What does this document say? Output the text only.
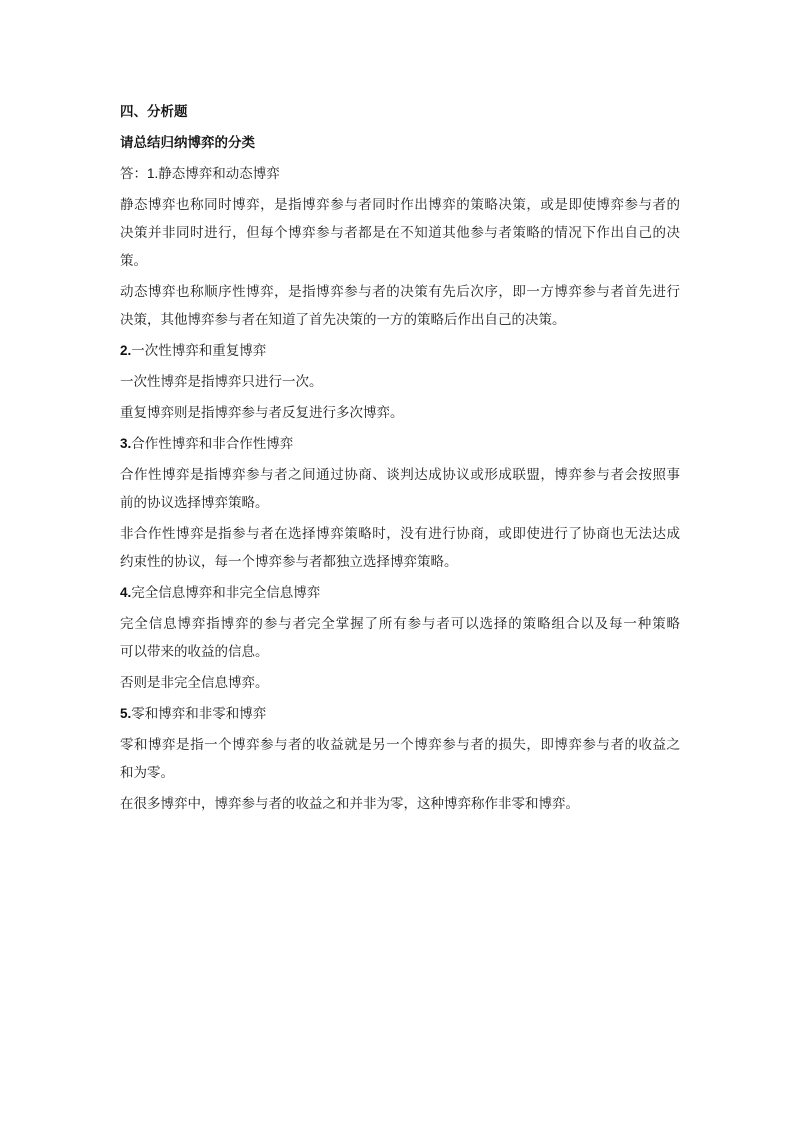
四、分析题
请总结归纳博弈的分类
答：1.静态博弈和动态博弈
静态博弈也称同时博弈，是指博弈参与者同时作出博弈的策略决策，或是即使博弈参与者的
决策并非同时进行，但每个博弈参与者都是在不知道其他参与者策略的情况下作出自己的决
策。
动态博弈也称顺序性博弈，是指博弈参与者的决策有先后次序，即一方博弈参与者首先进行
决策，其他博弈参与者在知道了首先决策的一方的策略后作出自己的决策。
2.一次性博弈和重复博弈
一次性博弈是指博弈只进行一次。
重复博弈则是指博弈参与者反复进行多次博弈。
3.合作性博弈和非合作性博弈
合作性博弈是指博弈参与者之间通过协商、谈判达成协议或形成联盟，博弈参与者会按照事
前的协议选择博弈策略。
非合作性博弈是指参与者在选择博弈策略时，没有进行协商，或即使进行了协商也无法达成
约束性的协议，每一个博弈参与者都独立选择博弈策略。
4.完全信息博弈和非完全信息博弈
完全信息博弈指博弈的参与者完全掌握了所有参与者可以选择的策略组合以及每一种策略
可以带来的收益的信息。
否则是非完全信息博弈。
5.零和博弈和非零和博弈
零和博弈是指一个博弈参与者的收益就是另一个博弈参与者的损失，即博弈参与者的收益之
和为零。
在很多博弈中，博弈参与者的收益之和并非为零，这种博弈称作非零和博弈。
